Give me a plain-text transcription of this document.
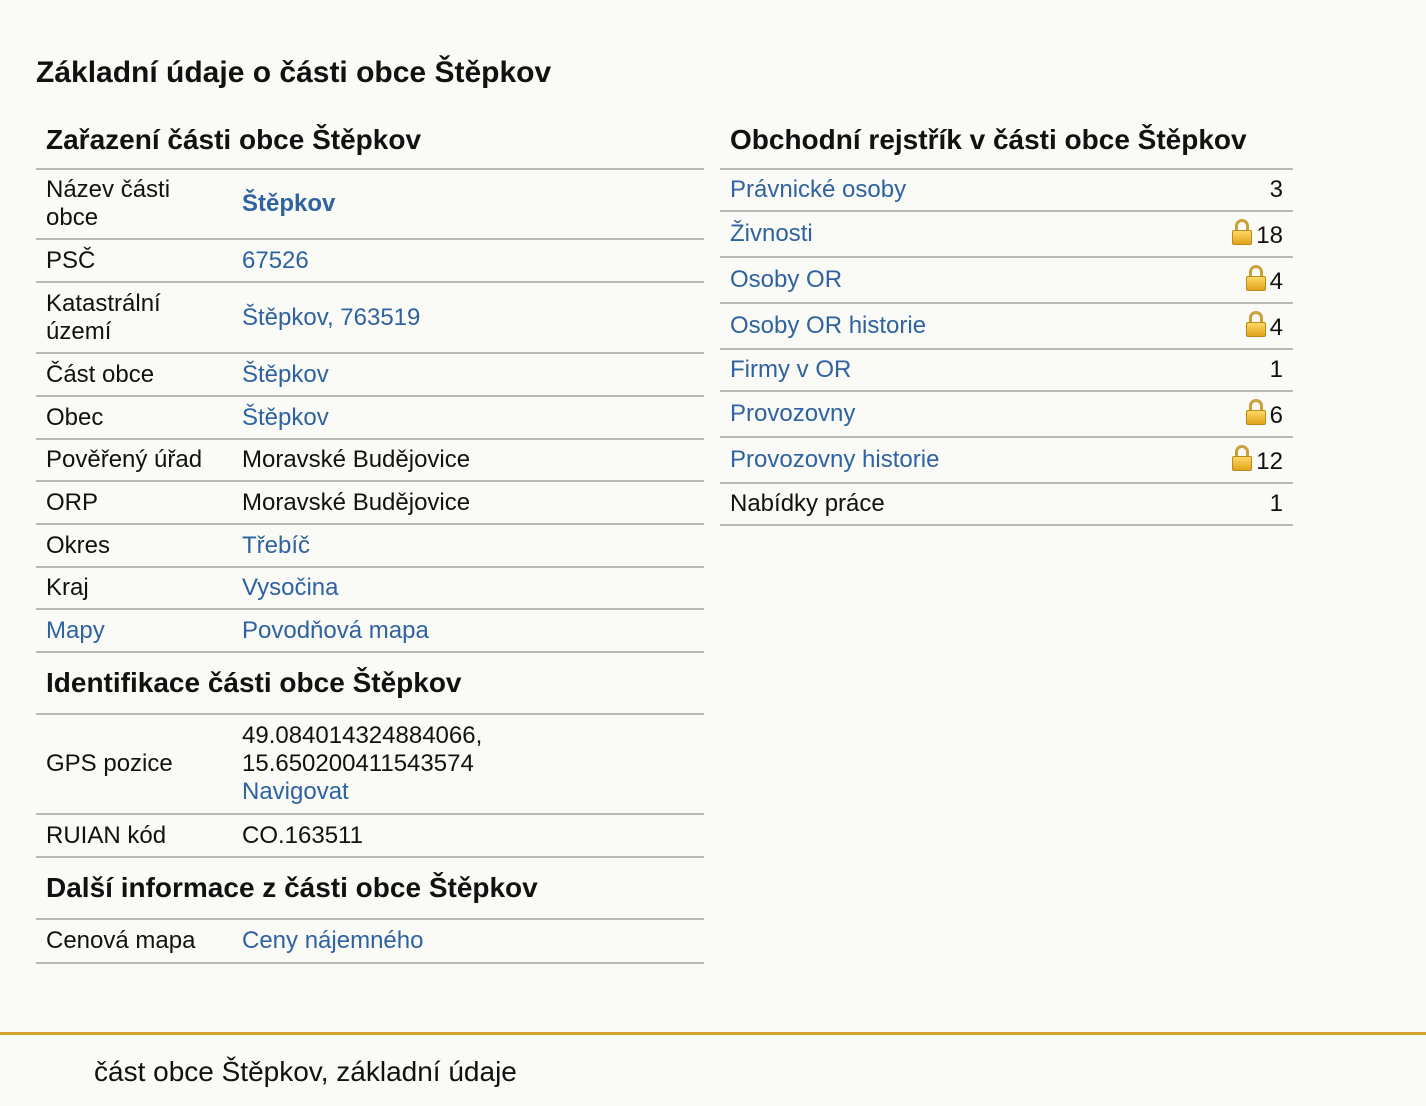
Základní údaje o části obce Štěpkov
Zařazení části obce Štěpkov
Název části obce	Štěpkov
PSČ	67526
Katastrální území	Štěpkov, 763519
Část obce	Štěpkov
Obec	Štěpkov
Pověřený úřad	Moravské Budějovice
ORP	Moravské Budějovice
Okres	Třebíč
Kraj	Vysočina
Mapy	Povodňová mapa
Identifikace části obce Štěpkov
GPS pozice	49.084014324884066,
15.650200411543574
Navigovat
RUIAN kód	CO.163511
Další informace z části obce Štěpkov
Cenová mapa	Ceny nájemného
Obchodní rejstřík v části obce Štěpkov
Právnické osoby	3
Živnosti	18
Osoby OR	4
Osoby OR historie	4
Firmy v OR	1
Provozovny	6
Provozovny historie	12
Nabídky práce	1
část obce Štěpkov, základní údaje
